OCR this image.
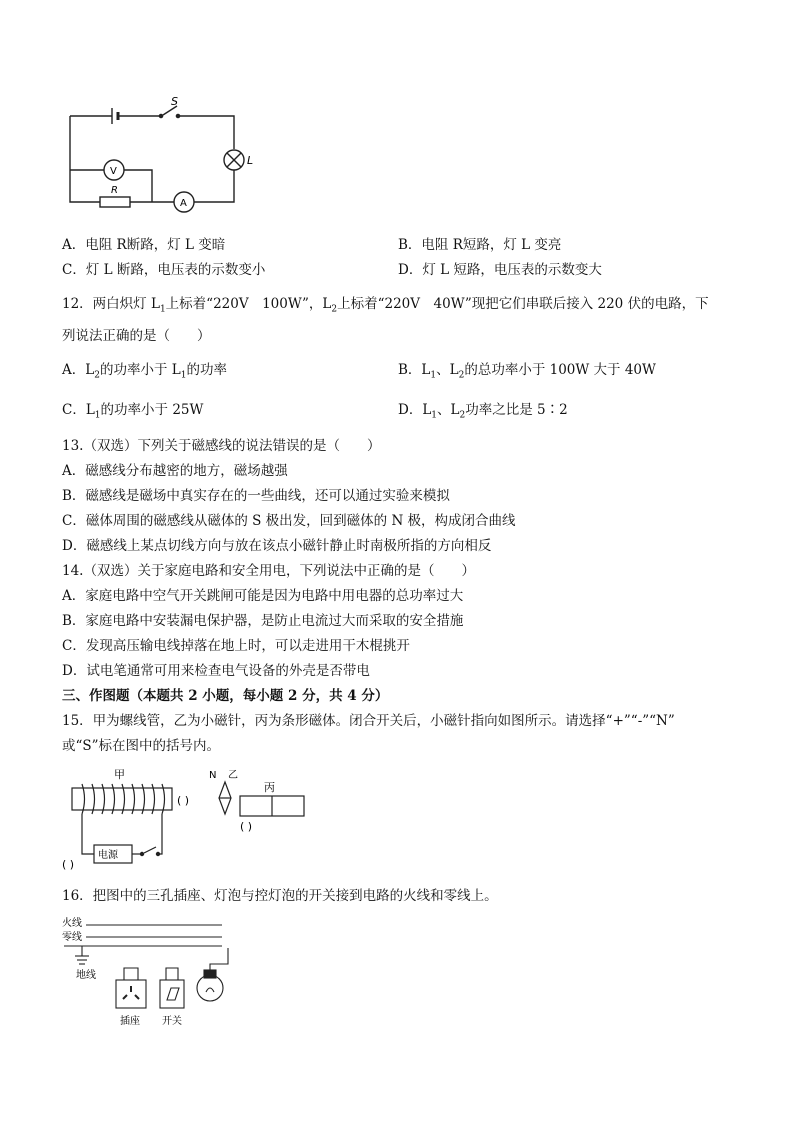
S
L
V
R
A
A．电阻 R断路，灯 L 变暗	B．电阻 R短路，灯 L 变亮
C．灯 L 断路，电压表的示数变小	D．灯 L 短路，电压表的示数变大
12．两白炽灯 $L_1$上标着“220V　100W”，$L_2$上标着“220V　40W”现把它们串联后接入 220 伏的电路，下
列说法正确的是（　　）
A．$L_2$的功率小于 $L_1$的功率	B．$L_1$、$L_2$的总功率小于 100W 大于 40W
C．$L_1$的功率小于 25W	D．$L_1$、$L_2$功率之比是 5∶2
13.（双选）下列关于磁感线的说法错误的是（　　）
A．磁感线分布越密的地方，磁场越强
B．磁感线是磁场中真实存在的一些曲线，还可以通过实验来模拟
C．磁体周围的磁感线从磁体的 S 极出发，回到磁体的 N 极，构成闭合曲线
D．磁感线上某点切线方向与放在该点小磁针静止时南极所指的方向相反
14.（双选）关于家庭电路和安全用电，下列说法中正确的是（　　）
A．家庭电路中空气开关跳闸可能是因为电路中用电器的总功率过大
B．家庭电路中安装漏电保护器，是防止电流过大而采取的安全措施
C．发现高压输电线掉落在地上时，可以走进用干木棍挑开
D．试电笔通常可用来检查电气设备的外壳是否带电
三、作图题（本题共 2 小题，每小题 2 分，共 4 分）
15．甲为螺线管，乙为小磁针，丙为条形磁体。闭合开关后，小磁针指向如图所示。请选择“+”“-”“N”
或“S”标在图中的括号内。
甲
( )
N 乙
丙
( )
电源
( )
16．把图中的三孔插座、灯泡与控灯泡的开关接到电路的火线和零线上。
火线
零线
地线
插座 开关
